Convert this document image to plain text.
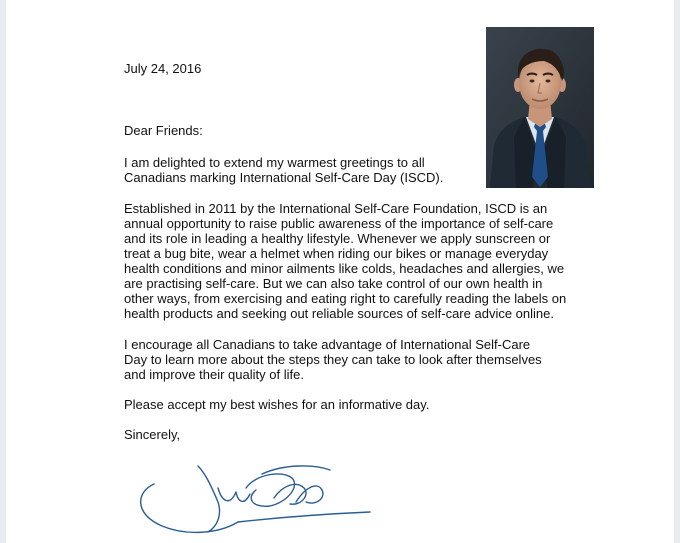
July 24, 2016
Dear Friends:
I am delighted to extend my warmest greetings to all
Canadians marking International Self-Care Day (ISCD).
Established in 2011 by the International Self-Care Foundation, ISCD is an
annual opportunity to raise public awareness of the importance of self-care
and its role in leading a healthy lifestyle. Whenever we apply sunscreen or
treat a bug bite, wear a helmet when riding our bikes or manage everyday
health conditions and minor ailments like colds, headaches and allergies, we
are practising self-care. But we can also take control of our own health in
other ways, from exercising and eating right to carefully reading the labels on
health products and seeking out reliable sources of self-care advice online.
I encourage all Canadians to take advantage of International Self-Care
Day to learn more about the steps they can take to look after themselves
and improve their quality of life.
Please accept my best wishes for an informative day.
Sincerely,
